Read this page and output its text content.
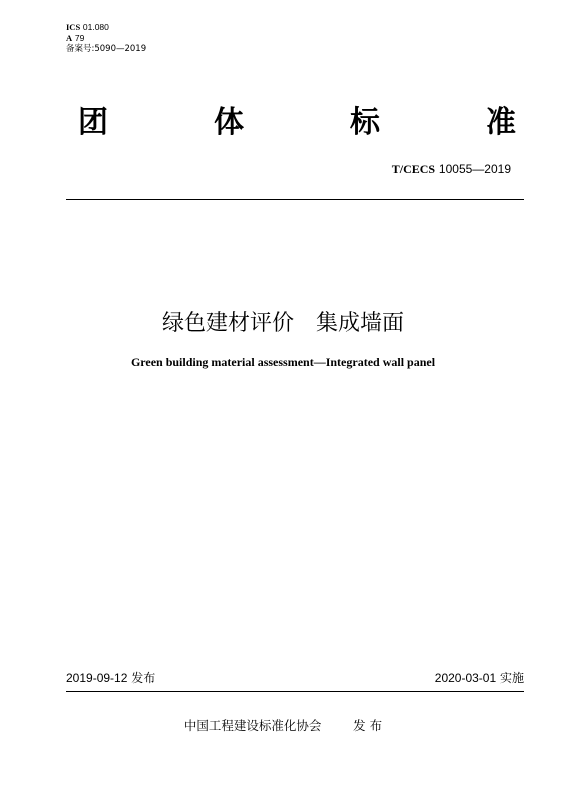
ICS 01.080
A 79
备案号:5090—2019
团	体	标	准
T/CECS 10055—2019
绿色建材评价　集成墙面
Green building material assessment—Integrated wall panel
2019-09-12 发布	2020-03-01 实施
中国工程建设标准化协会	发 布
